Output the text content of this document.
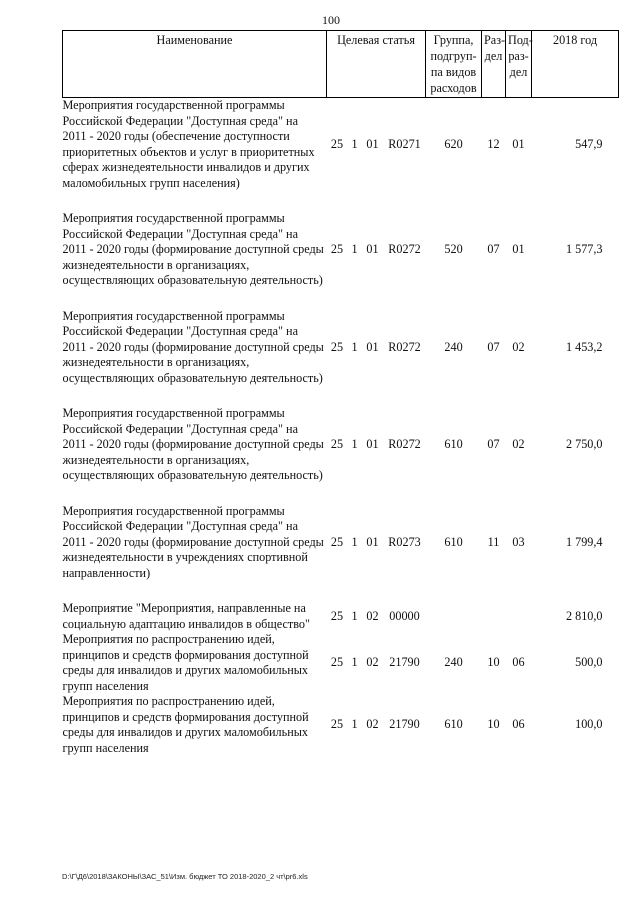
100
Наименование	Целевая статья				Группа, подгруп-па видов расходов	Раз-дел	Под-раз-дел	2018 год
Мероприятия государственной программы Российской Федерации "Доступная среда" на 2011 - 2020 годы (обеспечение доступности приоритетных объектов и услуг в приоритетных сферах жизнедеятельности инвалидов и других маломобильных групп населения)	25	1	01	R0271	620	12	01	547,9

Мероприятия государственной программы Российской Федерации "Доступная среда" на 2011 - 2020 годы (формирование доступной среды жизнедеятельности в организациях, осуществляющих образовательную деятельность)	25	1	01	R0272	520	07	01	1 577,3

Мероприятия государственной программы Российской Федерации "Доступная среда" на 2011 - 2020 годы (формирование доступной среды жизнедеятельности в организациях, осуществляющих образовательную деятельность)	25	1	01	R0272	240	07	02	1 453,2

Мероприятия государственной программы Российской Федерации "Доступная среда" на 2011 - 2020 годы (формирование доступной среды жизнедеятельности в организациях, осуществляющих образовательную деятельность)	25	1	01	R0272	610	07	02	2 750,0

Мероприятия государственной программы Российской Федерации "Доступная среда" на 2011 - 2020 годы (формирование доступной среды жизнедеятельности в учреждениях спортивной направленности)	25	1	01	R0273	610	11	03	1 799,4

Мероприятие "Мероприятия, направленные на социальную адаптацию инвалидов в общество"	25	1	02	00000				2 810,0
Мероприятия по распространению идей, принципов и средств формирования доступной среды для инвалидов и других маломобильных групп населения	25	1	02	21790	240	10	06	500,0
Мероприятия по распространению идей, принципов и средств формирования доступной среды для инвалидов и других маломобильных групп населения	25	1	02	21790	610	10	06	100,0
D:\Г\Д6\2018\ЗАКОНЫ\ЗАС_51\Изм. бюджет ТО 2018-2020_2 чт\pr6.xls
